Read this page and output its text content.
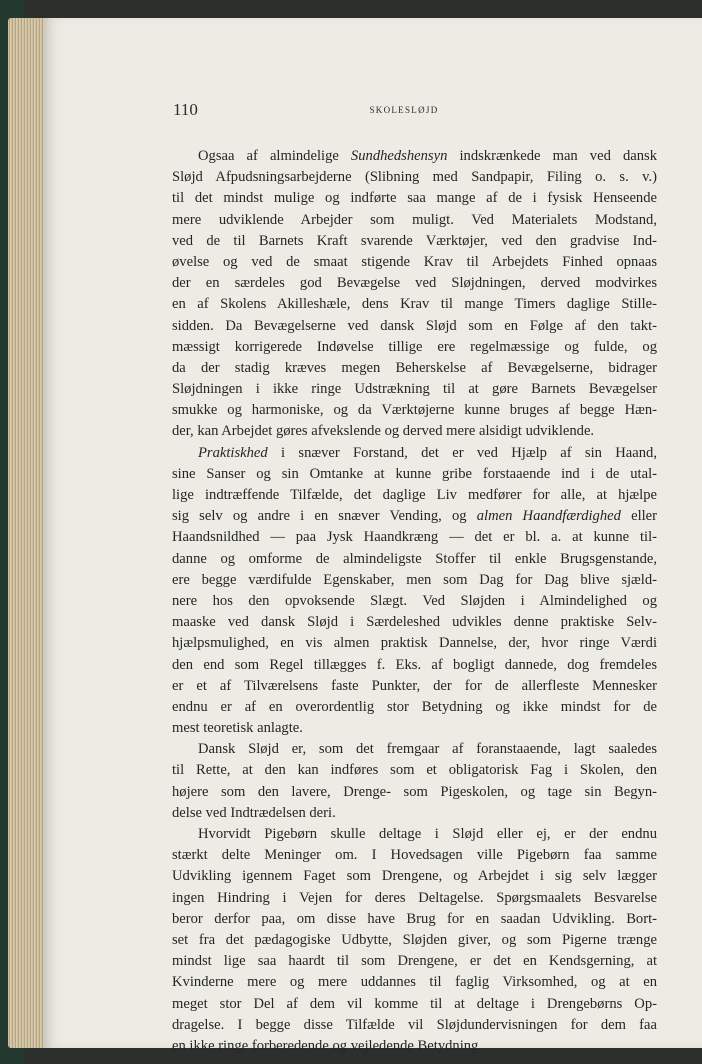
110	SKOLESLØJD
Ogsaa af almindelige Sundhedshensyn indskrænkede man ved dansk
Sløjd Afpudsningsarbejderne (Slibning med Sandpapir, Filing o. s. v.)
til det mindst mulige og indførte saa mange af de i fysisk Henseende
mere udviklende Arbejder som muligt. Ved Materialets Modstand,
ved de til Barnets Kraft svarende Værktøjer, ved den gradvise Ind-
øvelse og ved de smaat stigende Krav til Arbejdets Finhed opnaas
der en særdeles god Bevægelse ved Sløjdningen, derved modvirkes
en af Skolens Akilleshæle, dens Krav til mange Timers daglige Stille-
sidden. Da Bevægelserne ved dansk Sløjd som en Følge af den takt-
mæssigt korrigerede Indøvelse tillige ere regelmæssige og fulde, og
da der stadig kræves megen Beherskelse af Bevægelserne, bidrager
Sløjdningen i ikke ringe Udstrækning til at gøre Barnets Bevægelser
smukke og harmoniske, og da Værktøjerne kunne bruges af begge Hæn-
der, kan Arbejdet gøres afvekslende og derved mere alsidigt udviklende.
Praktiskhed i snæver Forstand, det er ved Hjælp af sin Haand,
sine Sanser og sin Omtanke at kunne gribe forstaaende ind i de utal-
lige indtræffende Tilfælde, det daglige Liv medfører for alle, at hjælpe
sig selv og andre i en snæver Vending, og almen Haandfærdighed eller
Haandsnildhed — paa Jysk Haandkræng — det er bl. a. at kunne til-
danne og omforme de almindeligste Stoffer til enkle Brugsgenstande,
ere begge værdifulde Egenskaber, men som Dag for Dag blive sjæld-
nere hos den opvoksende Slægt. Ved Sløjden i Almindelighed og
maaske ved dansk Sløjd i Særdeleshed udvikles denne praktiske Selv-
hjælpsmulighed, en vis almen praktisk Dannelse, der, hvor ringe Værdi
den end som Regel tillægges f. Eks. af bogligt dannede, dog fremdeles
er et af Tilværelsens faste Punkter, der for de allerfleste Mennesker
endnu er af en overordentlig stor Betydning og ikke mindst for de
mest teoretisk anlagte.
Dansk Sløjd er, som det fremgaar af foranstaaende, lagt saaledes
til Rette, at den kan indføres som et obligatorisk Fag i Skolen, den
højere som den lavere, Drenge- som Pigeskolen, og tage sin Begyn-
delse ved Indtrædelsen deri.
Hvorvidt Pigebørn skulle deltage i Sløjd eller ej, er der endnu
stærkt delte Meninger om. I Hovedsagen ville Pigebørn faa samme
Udvikling igennem Faget som Drengene, og Arbejdet i sig selv lægger
ingen Hindring i Vejen for deres Deltagelse. Spørgsmaalets Besvarelse
beror derfor paa, om disse have Brug for en saadan Udvikling. Bort-
set fra det pædagogiske Udbytte, Sløjden giver, og som Pigerne trænge
mindst lige saa haardt til som Drengene, er det en Kendsgerning, at
Kvinderne mere og mere uddannes til faglig Virksomhed, og at en
meget stor Del af dem vil komme til at deltage i Drengebørns Op-
dragelse. I begge disse Tilfælde vil Sløjdundervisningen for dem faa
en ikke ringe forberedende og vejledende Betydning.
